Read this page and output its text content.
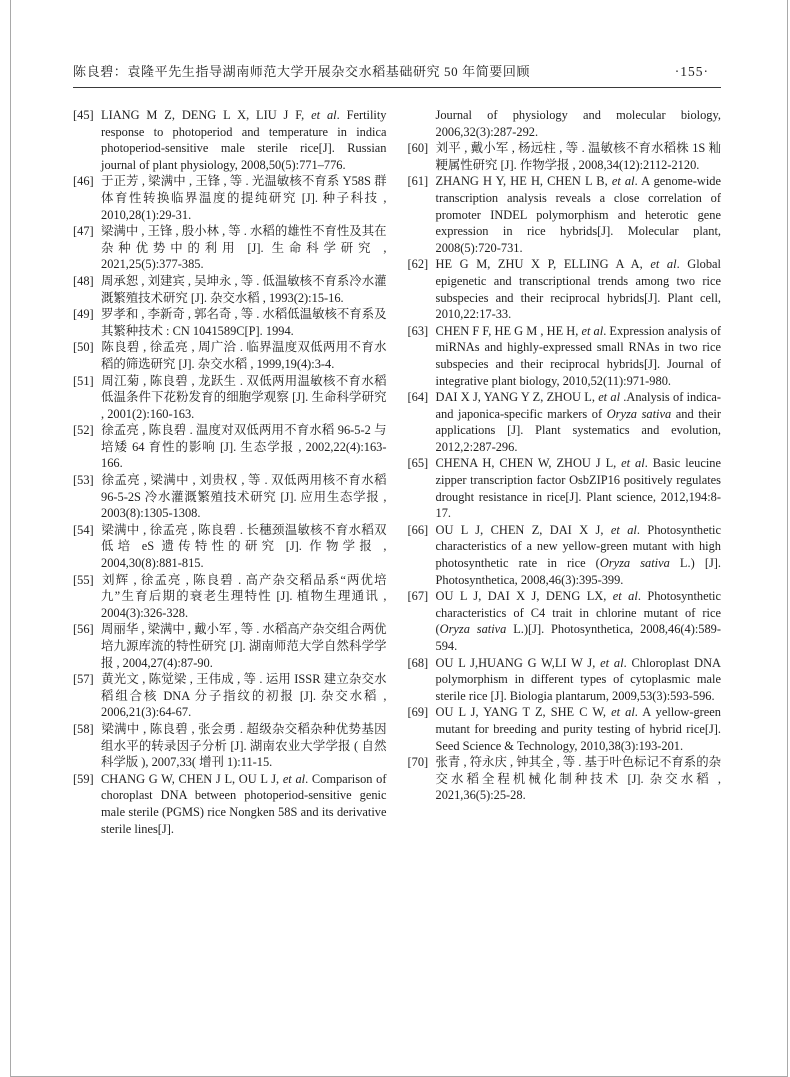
陈良碧：袁隆平先生指导湖南师范大学开展杂交水稻基础研究 50 年简要回顾	·155·
[45] LIANG M Z, DENG L X, LIU J F, et al. Fertility response to photoperiod and temperature in indica photoperiod-sensitive male sterile rice[J]. Russian journal of plant physiology, 2008,50(5):771–776.
[46] 于正芳 , 梁满中 , 王锋 , 等 . 光温敏核不育系 Y58S 群体育性转换临界温度的提纯研究 [J]. 种子科技 , 2010,28(1):29-31.
[47] 梁满中 , 王锋 , 殷小林 , 等 . 水稻的雄性不育性及其在杂种优势中的利用 [J]. 生命科学研究 , 2021,25(5):377-385.
[48] 周承恕 , 刘建宾 , 吴坤永 , 等 . 低温敏核不育系冷水灌溉繁殖技术研究 [J]. 杂交水稻 , 1993(2):15-16.
[49] 罗孝和 , 李新奇 , 郭名奇 , 等 . 水稻低温敏核不育系及其繁种技术 : CN 1041589C[P]. 1994.
[50] 陈良碧 , 徐孟亮 , 周广洽 . 临界温度双低两用不育水稻的筛选研究 [J]. 杂交水稻 , 1999,19(4):3-4.
[51] 周江菊 , 陈良碧 , 龙跃生 . 双低两用温敏核不育水稻低温条件下花粉发育的细胞学观察 [J]. 生命科学研究 , 2001(2):160-163.
[52] 徐孟亮 , 陈良碧 . 温度对双低两用不育水稻 96-5-2 与培矮 64 育性的影响 [J]. 生态学报 , 2002,22(4):163-166.
[53] 徐孟亮 , 梁满中 , 刘贵权 , 等 . 双低两用核不育水稻 96-5-2S 冷水灌溉繁殖技术研究 [J]. 应用生态学报 , 2003(8):1305-1308.
[54] 梁满中 , 徐孟亮 , 陈良碧 . 长穗颈温敏核不育水稻双低培 eS 遗传特性的研究 [J]. 作物学报 , 2004,30(8):881-815.
[55] 刘辉 , 徐孟亮 , 陈良碧 . 高产杂交稻品系“两优培九”生育后期的衰老生理特性 [J]. 植物生理通讯 , 2004(3):326-328.
[56] 周丽华 , 梁满中 , 戴小军 , 等 . 水稻高产杂交组合两优培九源库流的特性研究 [J]. 湖南师范大学自然科学学报 , 2004,27(4):87-90.
[57] 黄光文 , 陈觉梁 , 王伟成 , 等 . 运用 ISSR 建立杂交水稻组合核 DNA 分子指纹的初报 [J]. 杂交水稻 , 2006,21(3):64-67.
[58] 梁满中 , 陈良碧 , 张会勇 . 超级杂交稻杂种优势基因组水平的转录因子分析 [J]. 湖南农业大学学报 ( 自然科学版 ), 2007,33( 增刊 1):11-15.
[59] CHANG G W, CHEN J L, OU L J, et al. Comparison of choroplast DNA between photoperiod-sensitive genic male sterile (PGMS) rice Nongken 58S and its derivative sterile lines[J].
Journal of physiology and molecular biology, 2006,32(3):287-292.
[60] 刘平 , 戴小军 , 杨远柱 , 等 . 温敏核不育水稻株 1S 籼粳属性研究 [J]. 作物学报 , 2008,34(12):2112-2120.
[61] ZHANG H Y, HE H, CHEN L B, et al. A genome-wide transcription analysis reveals a close correlation of promoter INDEL polymorphism and heterotic gene expression in rice hybrids[J]. Molecular plant, 2008(5):720-731.
[62] HE G M, ZHU X P, ELLING A A, et al. Global epigenetic and transcriptional trends among two rice subspecies and their reciprocal hybrids[J]. Plant cell, 2010,22:17-33.
[63] CHEN F F, HE G M , HE H, et al. Expression analysis of miRNAs and highly-expressed small RNAs in two rice subspecies and their reciprocal hybrids[J]. Journal of integrative plant biology, 2010,52(11):971-980.
[64] DAI X J, YANG Y Z, ZHOU L, et al .Analysis of indica- and japonica-specific markers of Oryza sativa and their applications [J]. Plant systematics and evolution, 2012,2:287-296.
[65] CHENA H, CHEN W, ZHOU J L, et al. Basic leucine zipper transcription factor OsbZIP16 positively regulates drought resistance in rice[J]. Plant science, 2012,194:8-17.
[66] OU L J, CHEN Z, DAI X J, et al. Photosynthetic characteristics of a new yellow-green mutant with high photosynthetic rate in rice (Oryza sativa L.) [J]. Photosynthetica, 2008,46(3):395-399.
[67] OU L J, DAI X J, DENG LX, et al. Photosynthetic characteristics of C4 trait in chlorine mutant of rice (Oryza sativa L.)[J]. Photosynthetica, 2008,46(4):589-594.
[68] OU L J,HUANG G W,LI W J, et al. Chloroplast DNA polymorphism in different types of cytoplasmic male sterile rice [J]. Biologia plantarum, 2009,53(3):593-596.
[69] OU L J, YANG T Z, SHE C W, et al. A yellow-green mutant for breeding and purity testing of hybrid rice[J]. Seed Science & Technology, 2010,38(3):193-201.
[70] 张青 , 符永庆 , 钟其全 , 等 . 基于叶色标记不育系的杂交水稻全程机械化制种技术 [J]. 杂交水稻 , 2021,36(5):25-28.
